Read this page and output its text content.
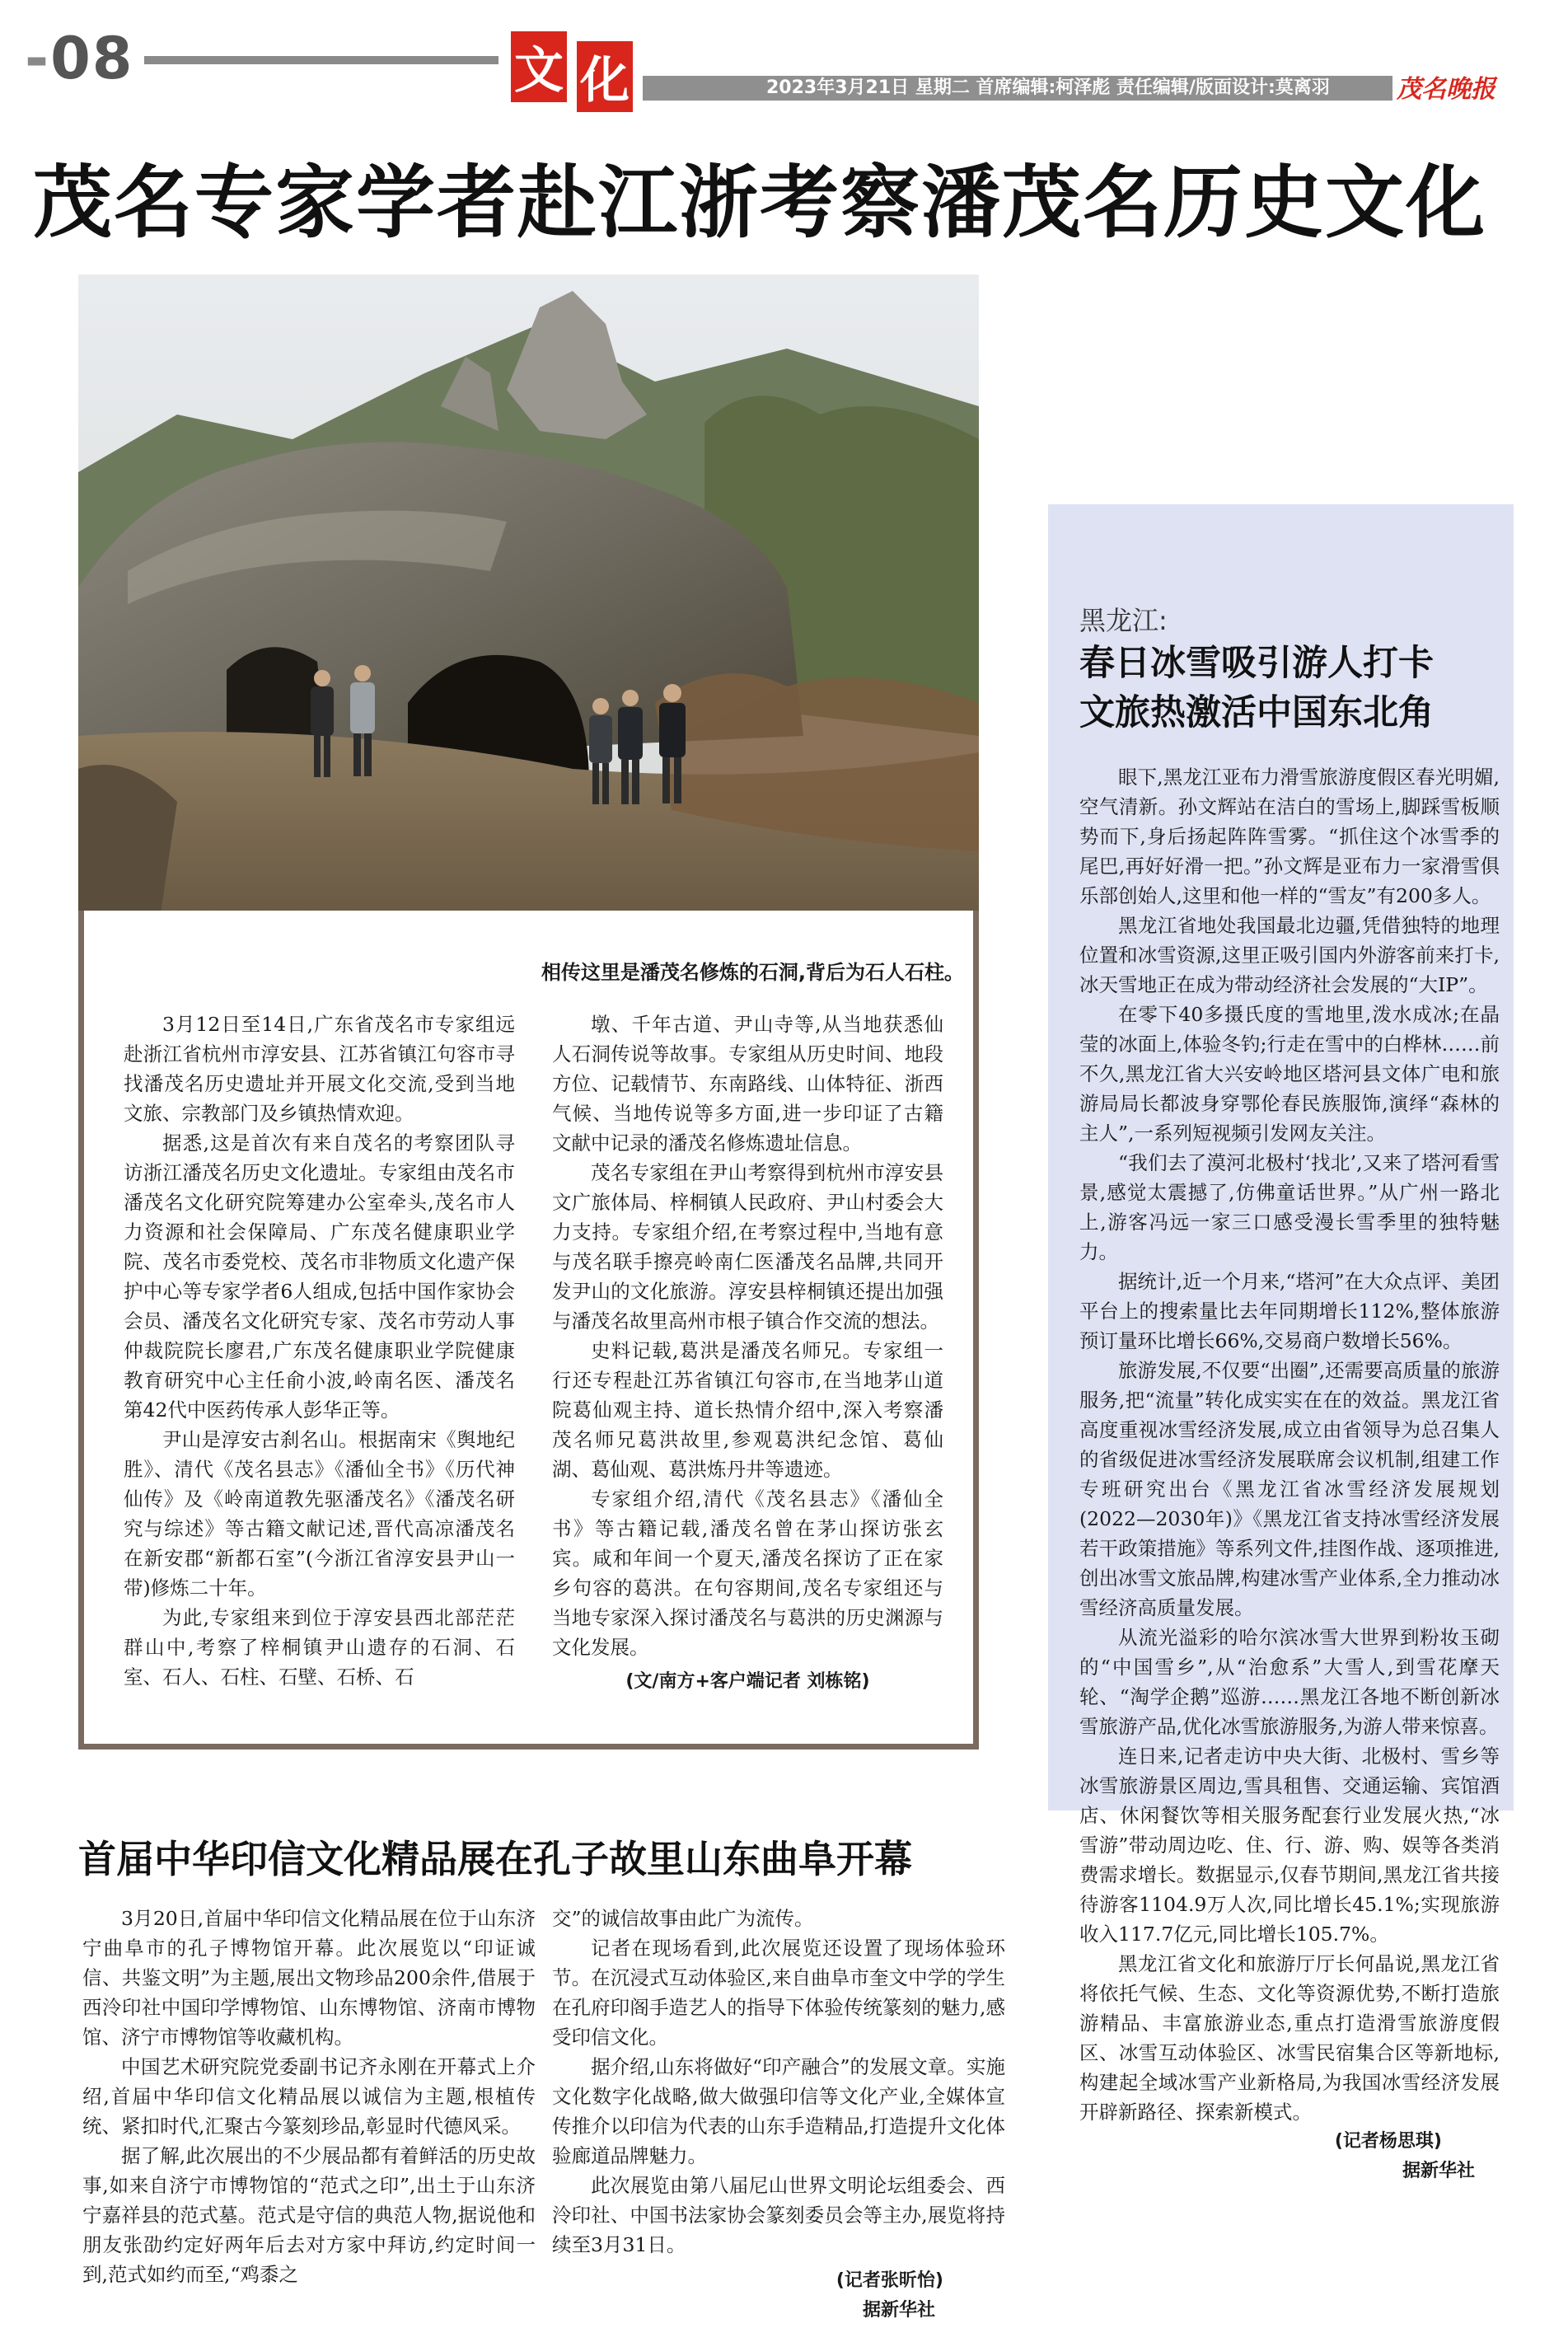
-08	文 化	2023年3月21日 星期二 首席编辑:柯泽彪 责任编辑/版面设计:莫离羽	茂名晚报
茂名专家学者赴江浙考察潘茂名历史文化
相传这里是潘茂名修炼的石洞,背后为石人石柱。

3月12日至14日,广东省茂名市专家组远赴浙江省杭州市淳安县、江苏省镇江句容市寻找潘茂名历史遗址并开展文化交流,受到当地文旅、宗教部门及乡镇热情欢迎。

据悉,这是首次有来自茂名的考察团队寻访浙江潘茂名历史文化遗址。专家组由茂名市潘茂名文化研究院筹建办公室牵头,茂名市人力资源和社会保障局、广东茂名健康职业学院、茂名市委党校、茂名市非物质文化遗产保护中心等专家学者6人组成,包括中国作家协会会员、潘茂名文化研究专家、茂名市劳动人事仲裁院院长廖君,广东茂名健康职业学院健康教育研究中心主任俞小波,岭南名医、潘茂名第42代中医药传承人彭华正等。

尹山是淳安古刹名山。根据南宋《舆地纪胜》、清代《茂名县志》《潘仙全书》《历代神仙传》及《岭南道教先驱潘茂名》《潘茂名研究与综述》等古籍文献记述,晋代高凉潘茂名在新安郡“新都石室”(今浙江省淳安县尹山一带)修炼二十年。

为此,专家组来到位于淳安县西北部茫茫群山中,考察了梓桐镇尹山遗存的石洞、石室、石人、石柱、石壁、石桥、石

墩、千年古道、尹山寺等,从当地获悉仙人石洞传说等故事。专家组从历史时间、地段方位、记载情节、东南路线、山体特征、浙西气候、当地传说等多方面,进一步印证了古籍文献中记录的潘茂名修炼遗址信息。

茂名专家组在尹山考察得到杭州市淳安县文广旅体局、梓桐镇人民政府、尹山村委会大力支持。专家组介绍,在考察过程中,当地有意与茂名联手擦亮岭南仁医潘茂名品牌,共同开发尹山的文化旅游。淳安县梓桐镇还提出加强与潘茂名故里高州市根子镇合作交流的想法。

史料记载,葛洪是潘茂名师兄。专家组一行还专程赴江苏省镇江句容市,在当地茅山道院葛仙观主持、道长热情介绍中,深入考察潘茂名师兄葛洪故里,参观葛洪纪念馆、葛仙湖、葛仙观、葛洪炼丹井等遗迹。

专家组介绍,清代《茂名县志》《潘仙全书》等古籍记载,潘茂名曾在茅山探访张玄宾。咸和年间一个夏天,潘茂名探访了正在家乡句容的葛洪。在句容期间,茂名专家组还与当地专家深入探讨潘茂名与葛洪的历史渊源与文化发展。

(文/南方+客户端记者 刘栋铭)
黑龙江:
春日冰雪吸引游人打卡
文旅热激活中国东北角

眼下,黑龙江亚布力滑雪旅游度假区春光明媚,空气清新。孙文辉站在洁白的雪场上,脚踩雪板顺势而下,身后扬起阵阵雪雾。“抓住这个冰雪季的尾巴,再好好滑一把。”孙文辉是亚布力一家滑雪俱乐部创始人,这里和他一样的“雪友”有200多人。

黑龙江省地处我国最北边疆,凭借独特的地理位置和冰雪资源,这里正吸引国内外游客前来打卡,冰天雪地正在成为带动经济社会发展的“大IP”。

在零下40多摄氏度的雪地里,泼水成冰;在晶莹的冰面上,体验冬钓;行走在雪中的白桦林……前不久,黑龙江省大兴安岭地区塔河县文体广电和旅游局局长都波身穿鄂伦春民族服饰,演绎“森林的主人”,一系列短视频引发网友关注。

“我们去了漠河北极村‘找北’,又来了塔河看雪景,感觉太震撼了,仿佛童话世界。”从广州一路北上,游客冯远一家三口感受漫长雪季里的独特魅力。

据统计,近一个月来,“塔河”在大众点评、美团平台上的搜索量比去年同期增长112%,整体旅游预订量环比增长66%,交易商户数增长56%。

旅游发展,不仅要“出圈”,还需要高质量的旅游服务,把“流量”转化成实实在在的效益。黑龙江省高度重视冰雪经济发展,成立由省领导为总召集人的省级促进冰雪经济发展联席会议机制,组建工作专班研究出台《黑龙江省冰雪经济发展规划(2022—2030年)》《黑龙江省支持冰雪经济发展若干政策措施》等系列文件,挂图作战、逐项推进,创出冰雪文旅品牌,构建冰雪产业体系,全力推动冰雪经济高质量发展。

从流光溢彩的哈尔滨冰雪大世界到粉妆玉砌的“中国雪乡”,从“治愈系”大雪人,到雪花摩天轮、“淘学企鹅”巡游……黑龙江各地不断创新冰雪旅游产品,优化冰雪旅游服务,为游人带来惊喜。

连日来,记者走访中央大街、北极村、雪乡等冰雪旅游景区周边,雪具租售、交通运输、宾馆酒店、休闲餐饮等相关服务配套行业发展火热,“冰雪游”带动周边吃、住、行、游、购、娱等各类消费需求增长。数据显示,仅春节期间,黑龙江省共接待游客1104.9万人次,同比增长45.1%;实现旅游收入117.7亿元,同比增长105.7%。

黑龙江省文化和旅游厅厅长何晶说,黑龙江省将依托气候、生态、文化等资源优势,不断打造旅游精品、丰富旅游业态,重点打造滑雪旅游度假区、冰雪互动体验区、冰雪民宿集合区等新地标,构建起全域冰雪产业新格局,为我国冰雪经济发展开辟新路径、探索新模式。

(记者杨思琪)
据新华社
首届中华印信文化精品展在孔子故里山东曲阜开幕

3月20日,首届中华印信文化精品展在位于山东济宁曲阜市的孔子博物馆开幕。此次展览以“印证诚信、共鉴文明”为主题,展出文物珍品200余件,借展于西泠印社中国印学博物馆、山东博物馆、济南市博物馆、济宁市博物馆等收藏机构。

中国艺术研究院党委副书记齐永刚在开幕式上介绍,首届中华印信文化精品展以诚信为主题,根植传统、紧扣时代,汇聚古今篆刻珍品,彰显时代德风采。

据了解,此次展出的不少展品都有着鲜活的历史故事,如来自济宁市博物馆的“范式之印”,出土于山东济宁嘉祥县的范式墓。范式是守信的典范人物,据说他和朋友张劭约定好两年后去对方家中拜访,约定时间一到,范式如约而至,“鸡黍之

交”的诚信故事由此广为流传。

记者在现场看到,此次展览还设置了现场体验环节。在沉浸式互动体验区,来自曲阜市奎文中学的学生在孔府印阁手造艺人的指导下体验传统篆刻的魅力,感受印信文化。

据介绍,山东将做好“印产融合”的发展文章。实施文化数字化战略,做大做强印信等文化产业,全媒体宣传推介以印信为代表的山东手造精品,打造提升文化体验廊道品牌魅力。

此次展览由第八届尼山世界文明论坛组委会、西泠印社、中国书法家协会篆刻委员会等主办,展览将持续至3月31日。

(记者张昕怡)
据新华社
